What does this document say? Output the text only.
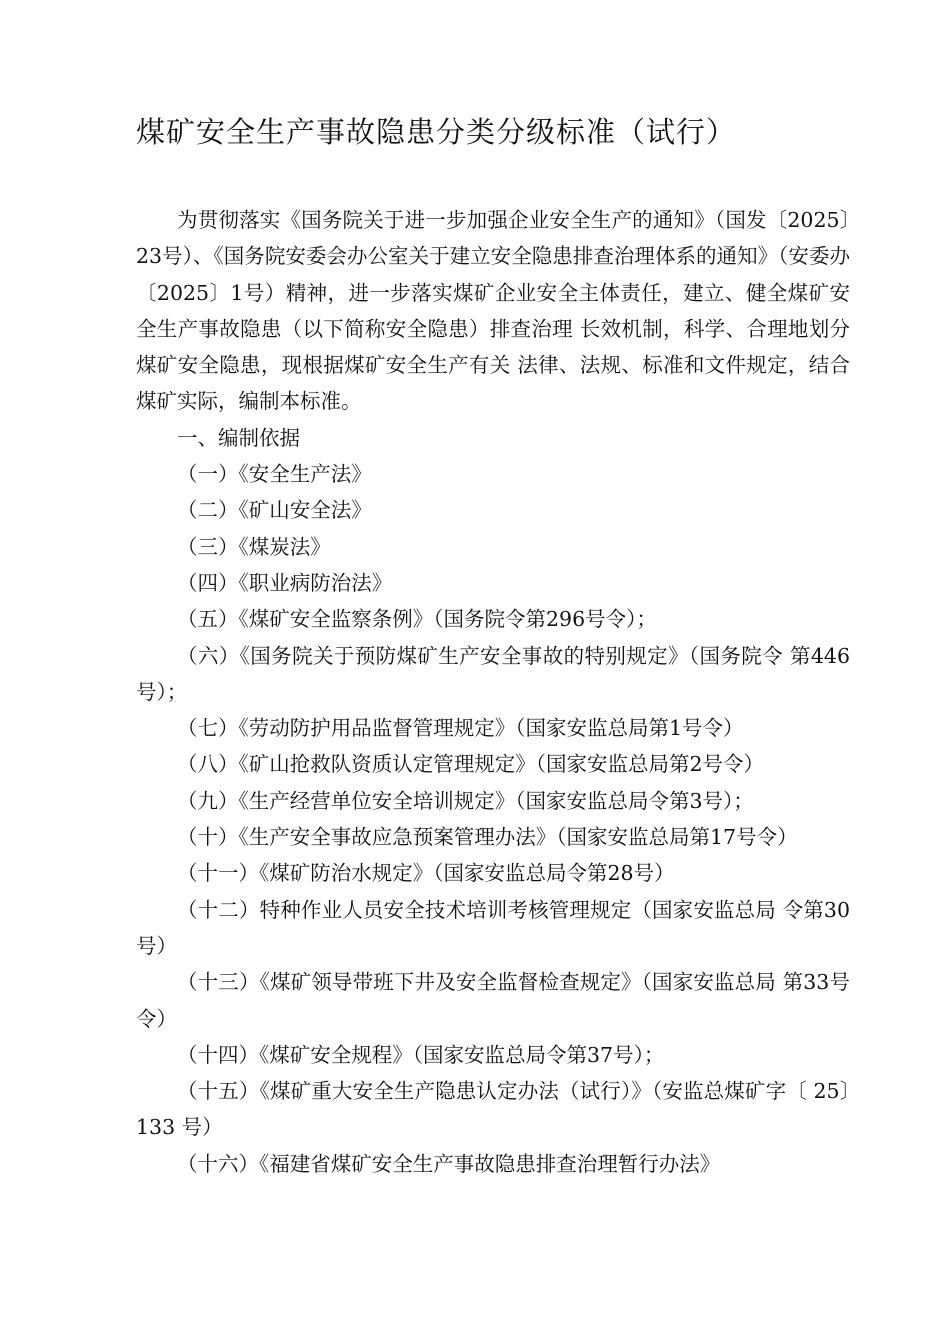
煤矿安全生产事故隐患分类分级标准（试行）

为贯彻落实《国务院关于进一步加强企业安全生产的通知》（国发〔2025〕23号）、《国务院安委会办公室关于建立安全隐患排查治理体系的通知》（安委办〔2025〕1号）精神，进一步落实煤矿企业安全主体责任，建立、健全煤矿安全生产事故隐患（以下简称安全隐患）排查治理 长效机制，科学、合理地划分煤矿安全隐患，现根据煤矿安全生产有关 法律、法规、标准和文件规定，结合煤矿实际，编制本标准。

一、编制依据

（一）《安全生产法》

（二）《矿山安全法》

（三）《煤炭法》

（四）《职业病防治法》

（五）《煤矿安全监察条例》（国务院令第296号令）；

（六）《国务院关于预防煤矿生产安全事故的特别规定》（国务院令 第446号）；

（七）《劳动防护用品监督管理规定》（国家安监总局第1号令）

（八）《矿山抢救队资质认定管理规定》（国家安监总局第2号令）

（九）《生产经营单位安全培训规定》（国家安监总局令第3号）；

（十）《生产安全事故应急预案管理办法》（国家安监总局第17号令）

（十一）《煤矿防治水规定》（国家安监总局令第28号）

（十二）特种作业人员安全技术培训考核管理规定（国家安监总局 令第30号）

（十三）《煤矿领导带班下井及安全监督检查规定》（国家安监总局 第33号令）

（十四）《煤矿安全规程》（国家安监总局令第37号）；

（十五）《煤矿重大安全生产隐患认定办法（试行）》（安监总煤矿字〔 25〕133 号）

（十六）《福建省煤矿安全生产事故隐患排查治理暂行办法》
